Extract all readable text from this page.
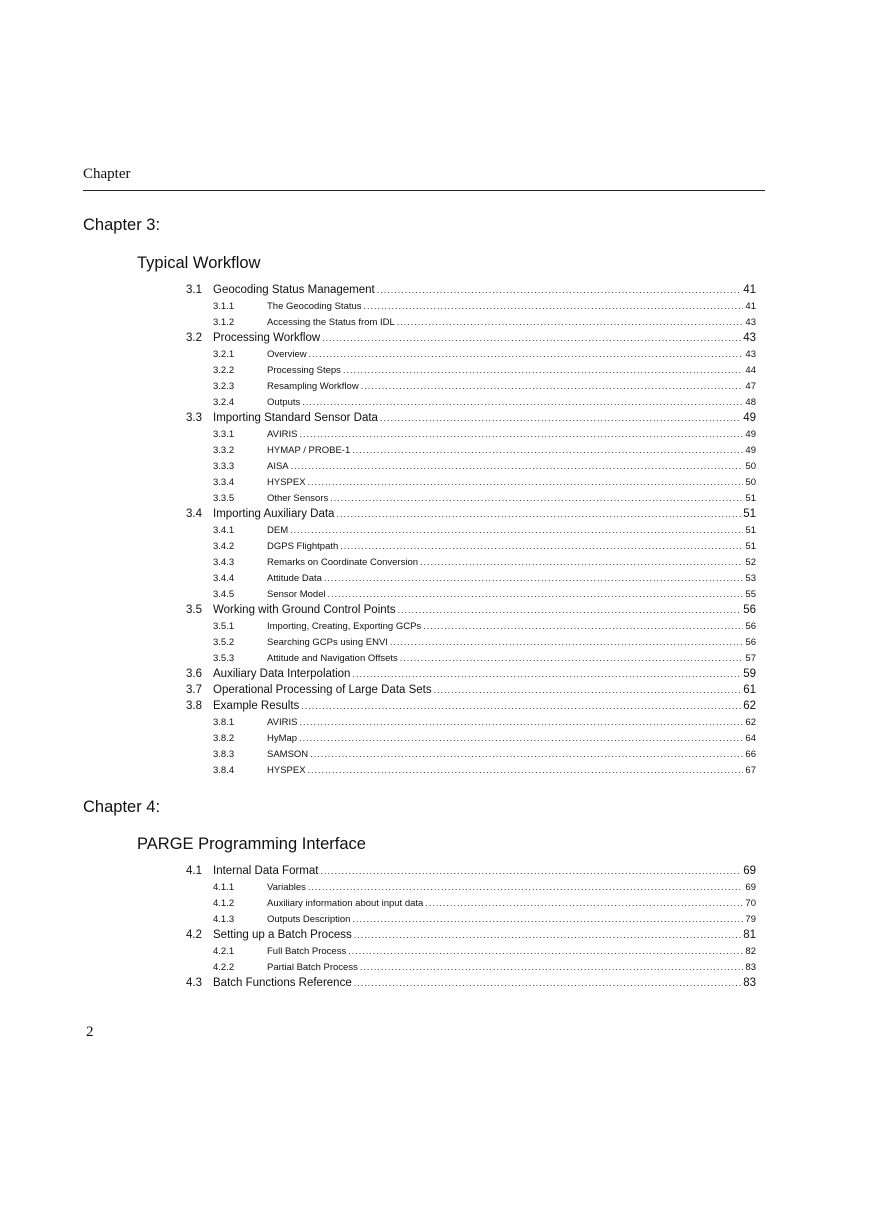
Chapter
Chapter 3:
Typical Workflow
3.1 Geocoding Status Management .....	41
3.1.1	The Geocoding Status .....	41
3.1.2	Accessing the Status from IDL .....	43
3.2 Processing Workflow .....	43
3.2.1	Overview .....	43
3.2.2	Processing Steps .....	44
3.2.3	Resampling Workflow .....	47
3.2.4	Outputs .....	48
3.3 Importing Standard Sensor Data .....	49
3.3.1	AVIRIS .....	49
3.3.2	HYMAP / PROBE-1 .....	49
3.3.3	AISA .....	50
3.3.4	HYSPEX .....	50
3.3.5	Other Sensors .....	51
3.4 Importing Auxiliary Data .....	51
3.4.1	DEM .....	51
3.4.2	DGPS Flightpath .....	51
3.4.3	Remarks on Coordinate Conversion .....	52
3.4.4	Attitude Data .....	53
3.4.5	Sensor Model .....	55
3.5 Working with Ground Control Points .....	56
3.5.1	Importing, Creating, Exporting GCPs .....	56
3.5.2	Searching GCPs using ENVI .....	56
3.5.3	Attitude and Navigation Offsets .....	57
3.6 Auxiliary Data Interpolation .....	59
3.7 Operational Processing of Large Data Sets .....	61
3.8 Example Results .....	62
3.8.1	AVIRIS .....	62
3.8.2	HyMap .....	64
3.8.3	SAMSON .....	66
3.8.4	HYSPEX .....	67
Chapter 4:
PARGE Programming Interface
4.1 Internal Data Format .....	69
4.1.1	Variables .....	69
4.1.2	Auxiliary information about input data .....	70
4.1.3	Outputs Description .....	79
4.2 Setting up a Batch Process .....	81
4.2.1	Full Batch Process .....	82
4.2.2	Partial Batch Process .....	83
4.3 Batch Functions Reference .....	83
2
